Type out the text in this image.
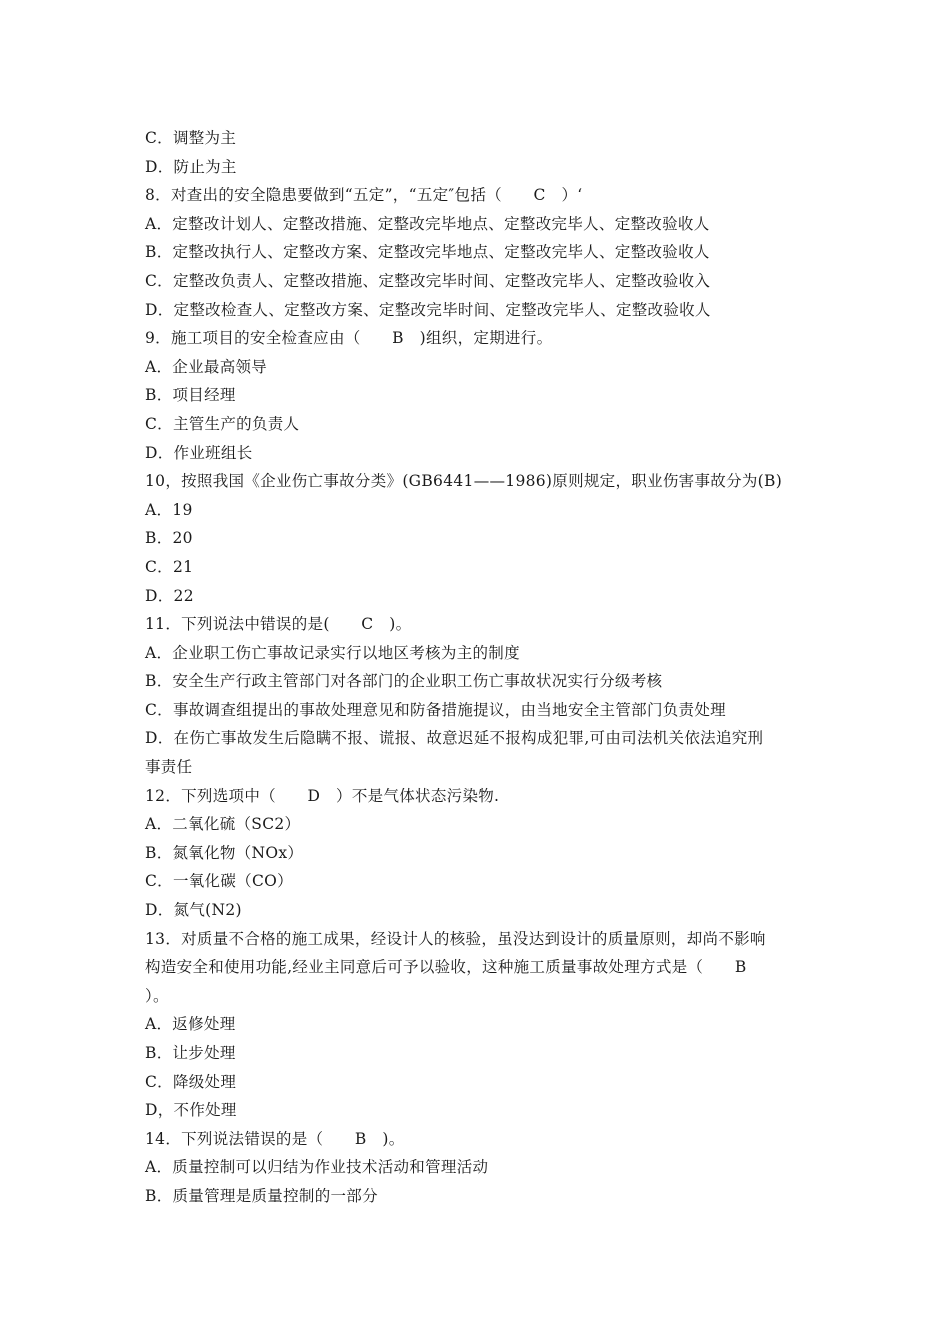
C．调整为主
D．防止为主
8．对查出的安全隐患要做到“五定”，“五定″包括（　　C　）‘
A．定整改计划人、定整改措施、定整改完毕地点、定整改完毕人、定整改验收人
B．定整改执行人、定整改方案、定整改完毕地点、定整改完毕人、定整改验收人
C．定整改负责人、定整改措施、定整改完毕时间、定整改完毕人、定整改验收入
D．定整改检查人、定整改方案、定整改完毕时间、定整改完毕人、定整改验收人
9．施工项目的安全检查应由（　　B　)组织，定期进行。
A．企业最高领导
B．项目经理
C．主管生产的负责人
D．作业班组长
10，按照我国《企业伤亡事故分类》(GB6441——1986)原则规定，职业伤害事故分为(B)
A．19
B．20
C．21
D．22
11．下列说法中错误的是(　　C　)。
A．企业职工伤亡事故记录实行以地区考核为主的制度
B．安全生产行政主管部门对各部门的企业职工伤亡事故状况实行分级考核
C．事故调查组提出的事故处理意见和防备措施提议，由当地安全主管部门负责处理
D．在伤亡事故发生后隐瞒不报、谎报、故意迟延不报构成犯罪,可由司法机关依法追究刑
事责任
12．下列选项中（　　D　）不是气体状态污染物.
A．二氧化硫（SC2）
B．氮氧化物（NOx）
C．一氧化碳（CO）
D．氮气(N2)
13．对质量不合格的施工成果，经设计人的核验，虽没达到设计的质量原则，却尚不影响
构造安全和使用功能,经业主同意后可予以验收，这种施工质量事故处理方式是（　　B
）。
A．返修处理
B．让步处理
C．降级处理
D，不作处理
14．下列说法错误的是（　　B　)。
A．质量控制可以归结为作业技术活动和管理活动
B．质量管理是质量控制的一部分
